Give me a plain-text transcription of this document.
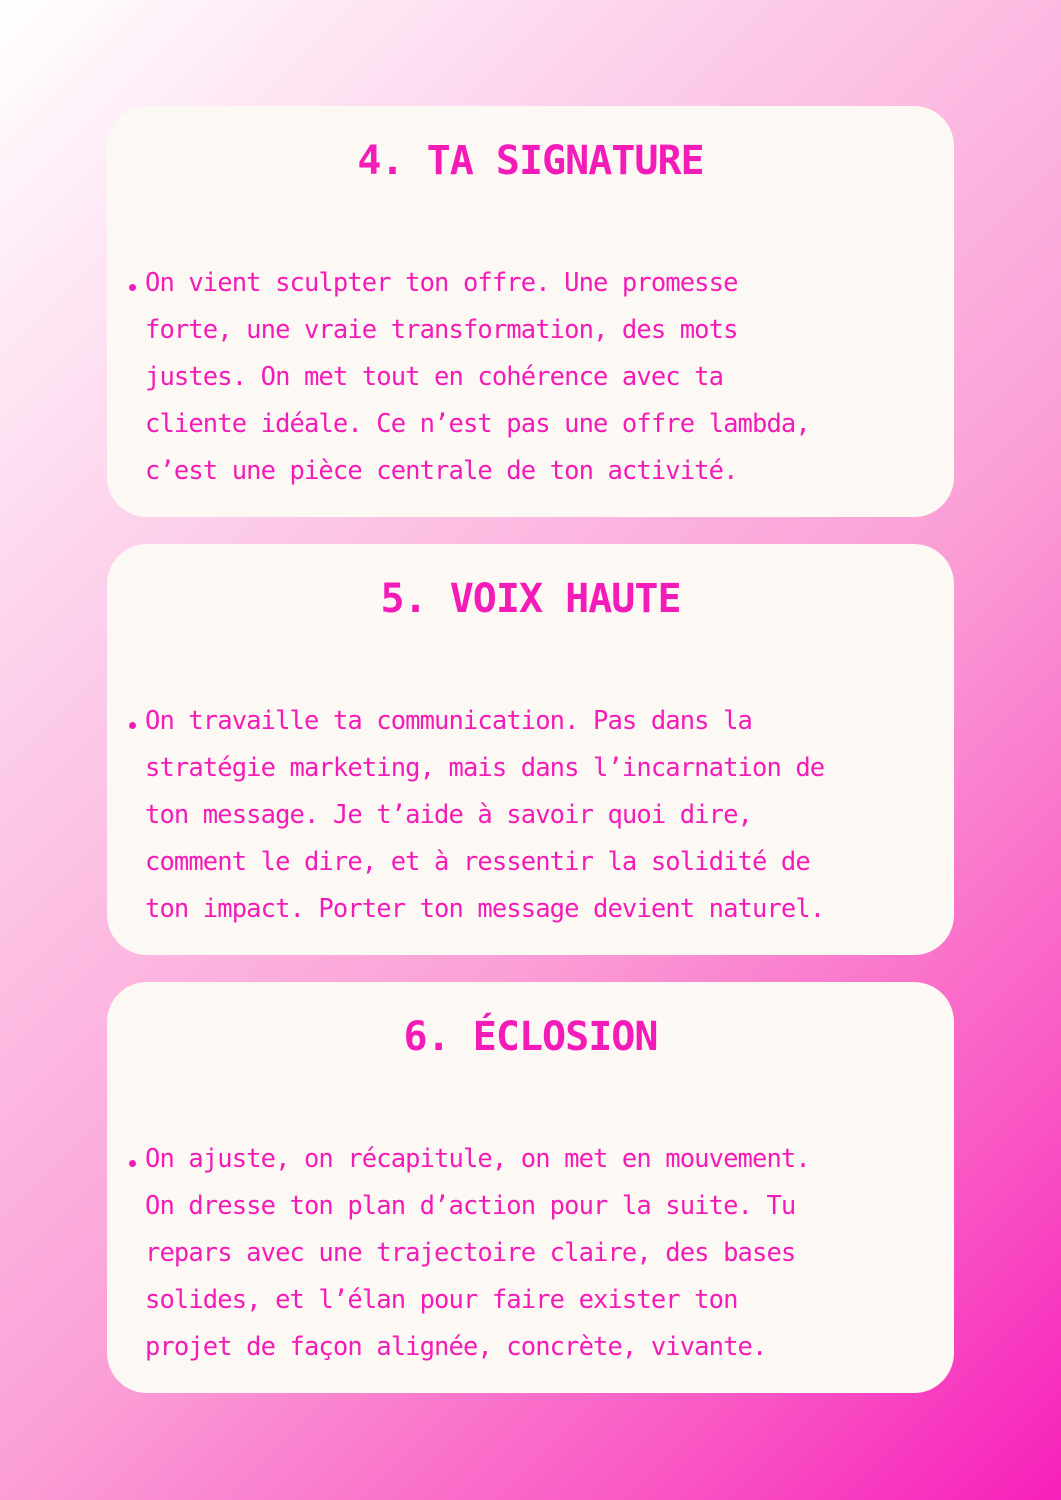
4. TA SIGNATURE

On vient sculpter ton offre. Une promesse
forte, une vraie transformation, des mots
justes. On met tout en cohérence avec ta
cliente idéale. Ce n’est pas une offre lambda,
c’est une pièce centrale de ton activité.

5. VOIX HAUTE

On travaille ta communication. Pas dans la
stratégie marketing, mais dans l’incarnation de
ton message. Je t’aide à savoir quoi dire,
comment le dire, et à ressentir la solidité de
ton impact. Porter ton message devient naturel.

6. ÉCLOSION

On ajuste, on récapitule, on met en mouvement.
On dresse ton plan d’action pour la suite. Tu
repars avec une trajectoire claire, des bases
solides, et l’élan pour faire exister ton
projet de façon alignée, concrète, vivante.
